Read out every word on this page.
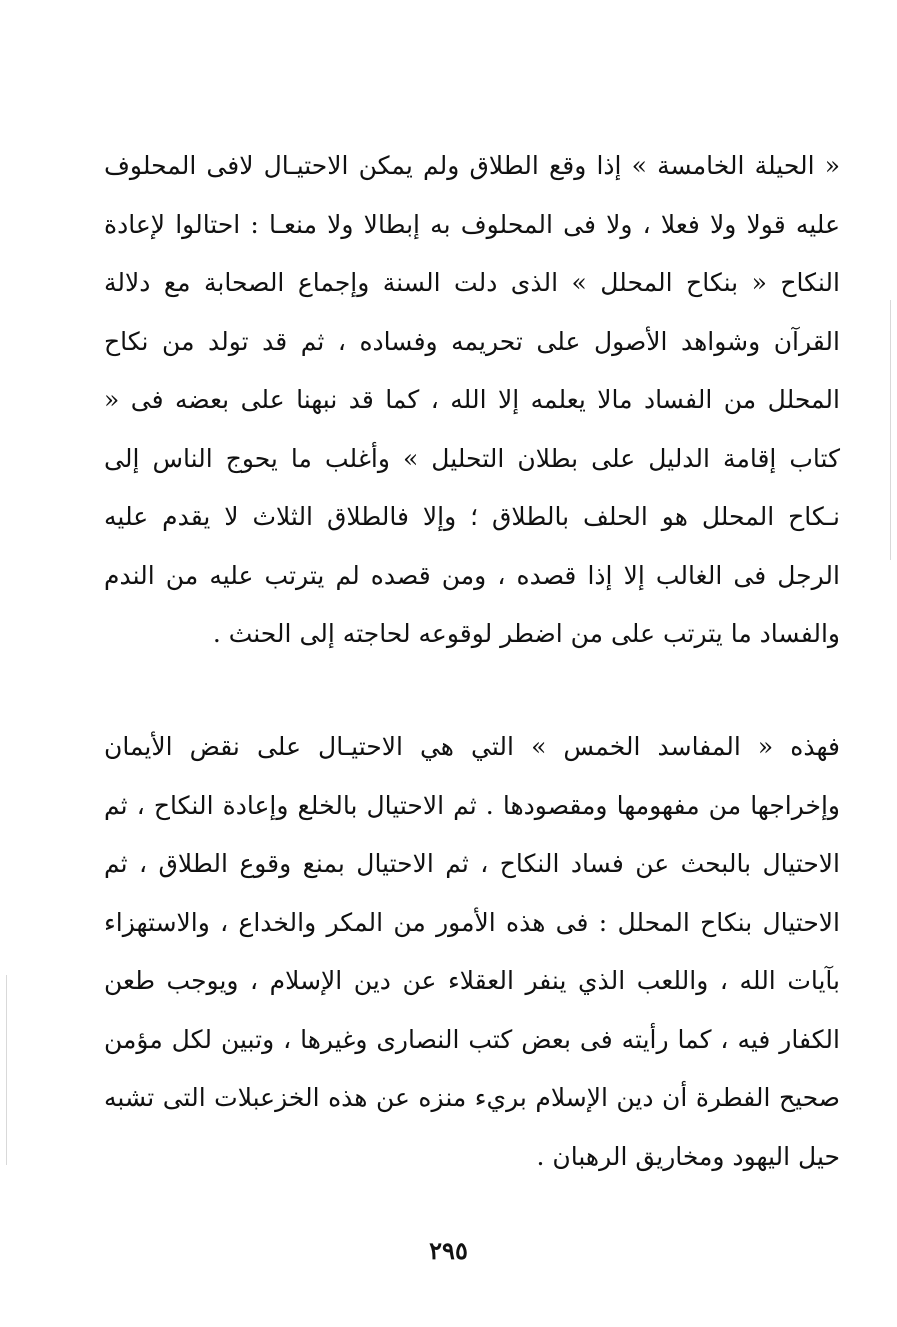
« الحيلة الخامسة » إذا وقع الطلاق ولم يمكن الاحتيـال لافى المحلوف عليه قولا ولا فعلا ، ولا فى المحلوف به إبطالا ولا منعـا : احتالوا لإعادة النكاح « بنكاح المحلل » الذى دلت السنة وإجماع الصحابة مع دلالة القرآن وشواهد الأصول على تحريمه وفساده ، ثم قد تولد من نكاح المحلل من الفساد مالا يعلمه إلا الله ، كما قد نبهنا على بعضه فى « كتاب إقامة الدليل على بطلان التحليل » وأغلب ما يحوج الناس إلى نـكاح المحلل هو الحلف بالطلاق ؛ وإلا فالطلاق الثلاث لا يقدم عليه الرجل فى الغالب إلا إذا قصده ، ومن قصده لم يترتب عليه من الندم والفساد ما يترتب على من اضطر لوقوعه لحاجته إلى الحنث .

فهذه « المفاسد الخمس » التي هي الاحتيـال على نقض الأيمان وإخراجها من مفهومها ومقصودها . ثم الاحتيال بالخلع وإعادة النكاح ، ثم الاحتيال بالبحث عن فساد النكاح ، ثم الاحتيال بمنع وقوع الطلاق ، ثم الاحتيال بنكاح المحلل : فى هذه الأمور من المكر والخداع ، والاستهزاء بآيات الله ، واللعب الذي ينفر العقلاء عن دين الإسلام ، ويوجب طعن الكفار فيه ، كما رأيته فى بعض كتب النصارى وغيرها ، وتبين لكل مؤمن صحيح الفطرة أن دين الإسلام بريء منزه عن هذه الخزعبلات التى تشبه حيل اليهود ومخاريق الرهبان .

٢٩٥
